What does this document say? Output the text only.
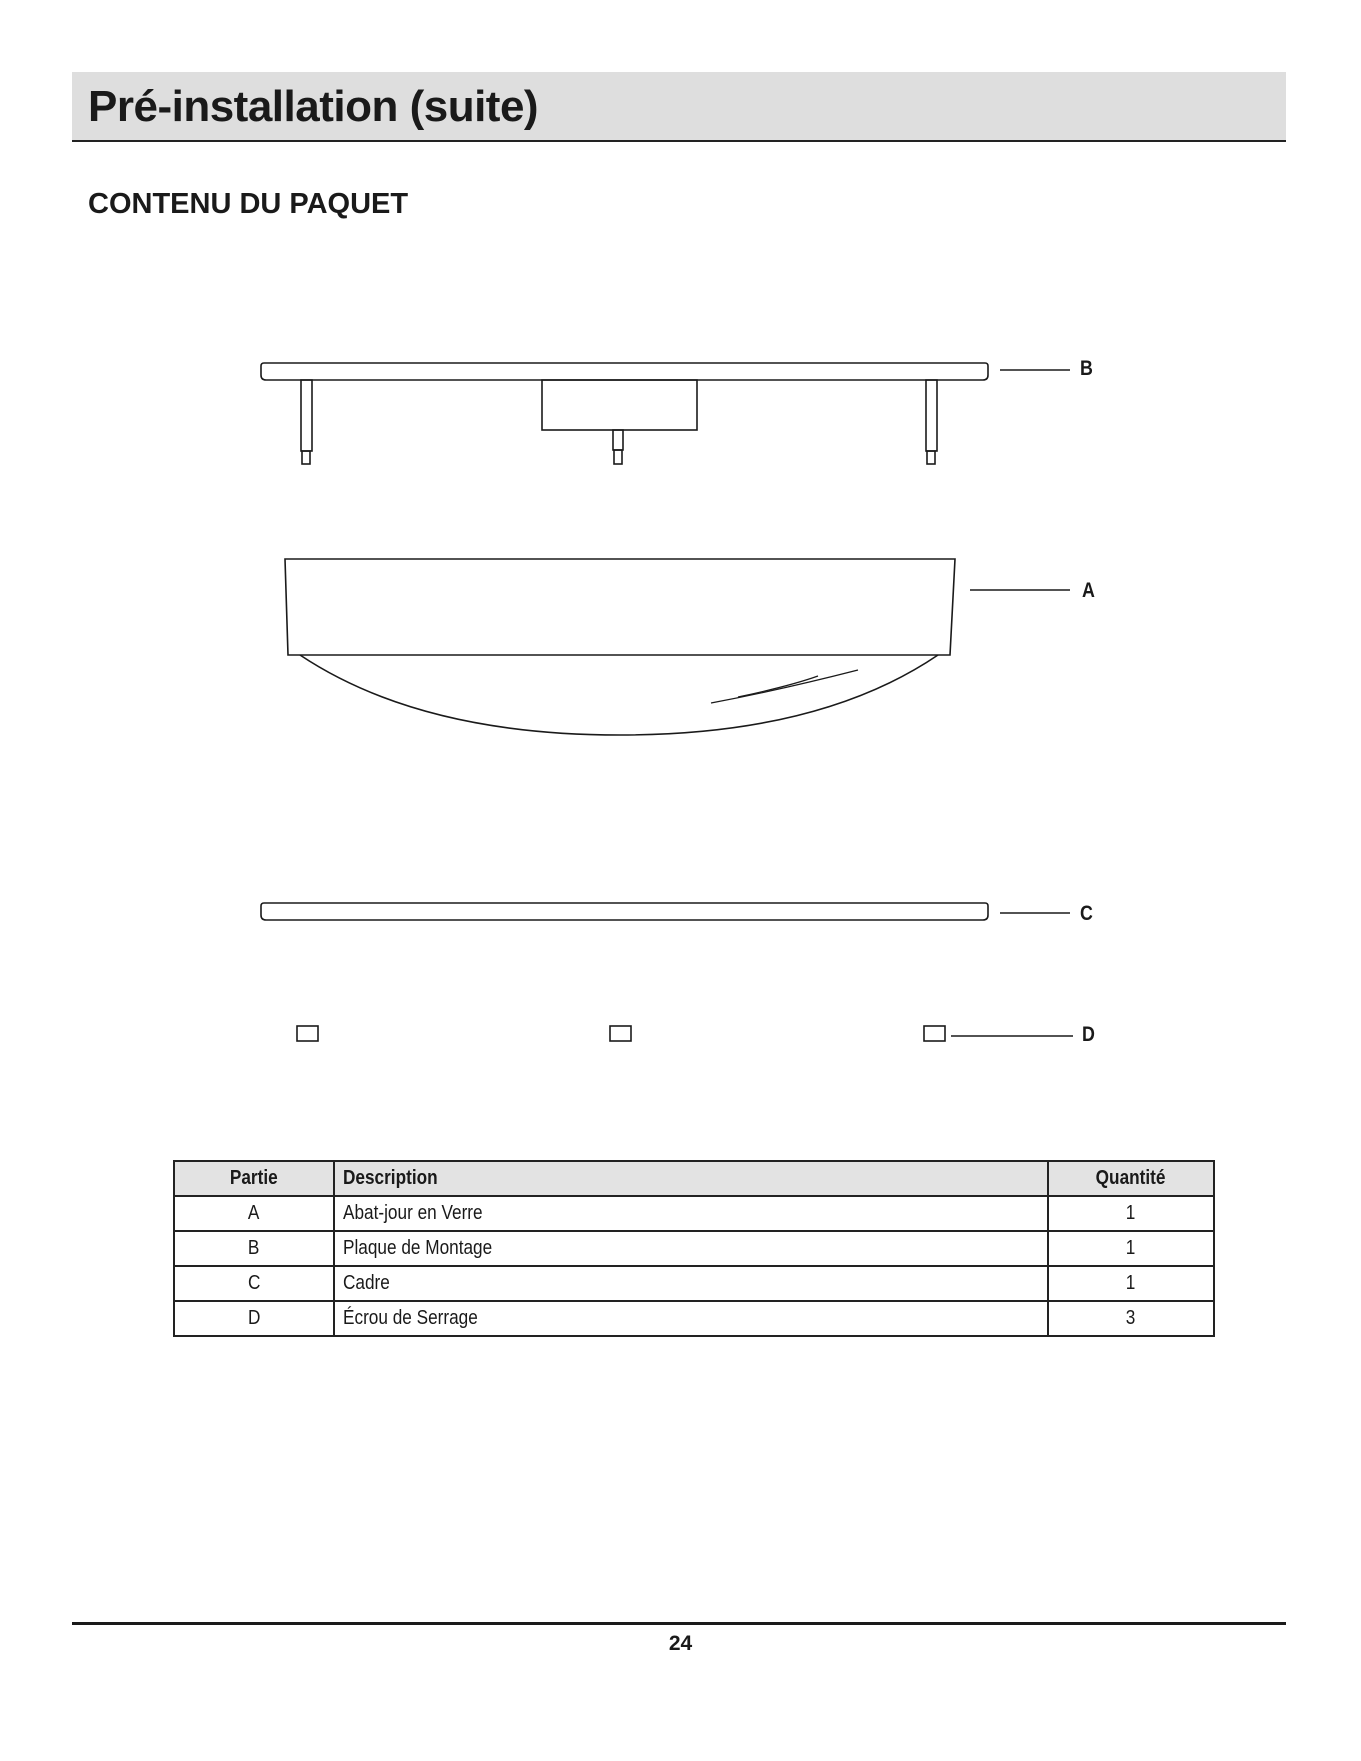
Pré-installation (suite)
CONTENU DU PAQUET
B
A
C
D
Partie	Description	Quantité
A	Abat-jour en Verre	1
B	Plaque de Montage	1
C	Cadre	1
D	Écrou de Serrage	3
24
